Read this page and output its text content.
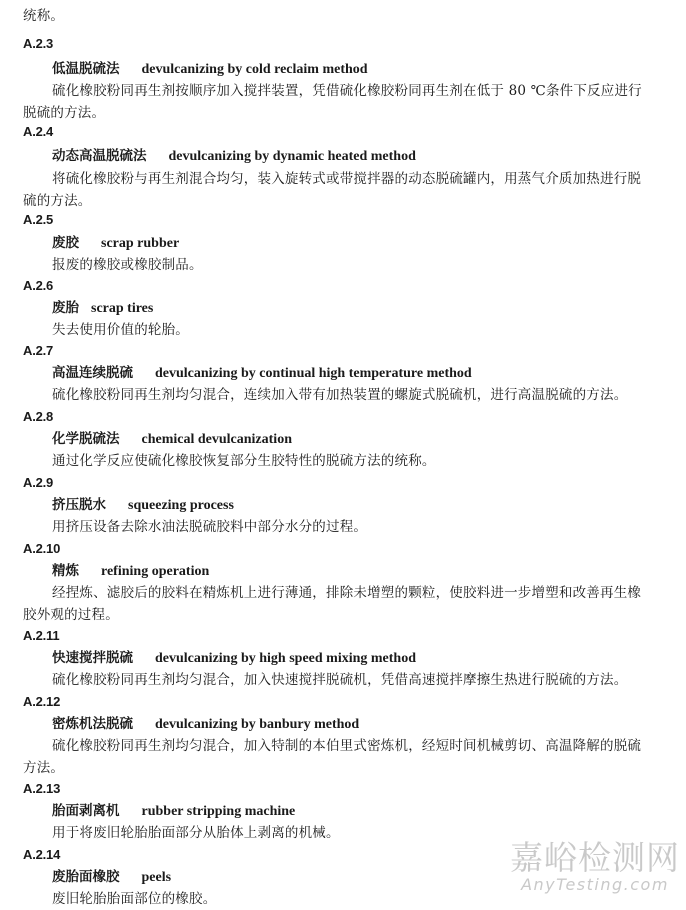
统称。
A.2.3
低温脱硫法 devulcanizing by cold reclaim method
硫化橡胶粉同再生剂按顺序加入搅拌装置，凭借硫化橡胶粉同再生剂在低于 80 ℃条件下反应进行
脱硫的方法。
A.2.4
动态高温脱硫法 devulcanizing by dynamic heated method
将硫化橡胶粉与再生剂混合均匀，装入旋转式或带搅拌器的动态脱硫罐内，用蒸气介质加热进行脱
硫的方法。
A.2.5
废胶 scrap rubber
报废的橡胶或橡胶制品。
A.2.6
废胎 scrap tires
失去使用价值的轮胎。
A.2.7
高温连续脱硫 devulcanizing by continual high temperature method
硫化橡胶粉同再生剂均匀混合，连续加入带有加热装置的螺旋式脱硫机，进行高温脱硫的方法。
A.2.8
化学脱硫法 chemical devulcanization
通过化学反应使硫化橡胶恢复部分生胶特性的脱硫方法的统称。
A.2.9
挤压脱水 squeezing process
用挤压设备去除水油法脱硫胶料中部分水分的过程。
A.2.10
精炼 refining operation
经捏炼、滤胶后的胶料在精炼机上进行薄通，排除未增塑的颗粒，使胶料进一步增塑和改善再生橡
胶外观的过程。
A.2.11
快速搅拌脱硫 devulcanizing by high speed mixing method
硫化橡胶粉同再生剂均匀混合，加入快速搅拌脱硫机，凭借高速搅拌摩擦生热进行脱硫的方法。
A.2.12
密炼机法脱硫 devulcanizing by banbury method
硫化橡胶粉同再生剂均匀混合，加入特制的本伯里式密炼机，经短时间机械剪切、高温降解的脱硫
方法。
A.2.13
胎面剥离机 rubber stripping machine
用于将废旧轮胎胎面部分从胎体上剥离的机械。
A.2.14
废胎面橡胶 peels
废旧轮胎胎面部位的橡胶。
嘉峪检测网
AnyTesting.com
